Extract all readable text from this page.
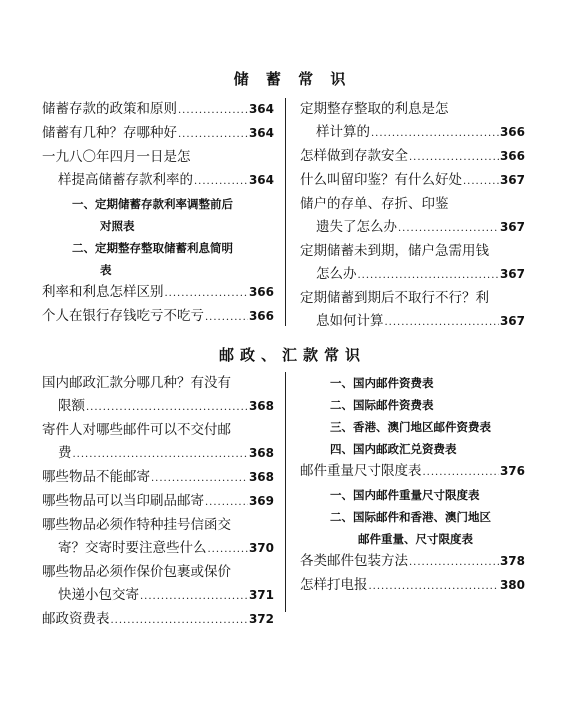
储 蓄 常 识
储蓄存款的政策和原则 .....	364
储蓄有几种？存哪种好 .....	364
一九八〇年四月一日是怎
样提高储蓄存款利率的 .....	364
一、定期储蓄存款利率调整前后
对照表
二、定期整存整取储蓄利息简明
表
利率和利息怎样区别 .....	366
个人在银行存钱吃亏不吃亏 .....	366
定期整存整取的利息是怎
样计算的 .....	366
怎样做到存款安全 .....	366
什么叫留印鉴？有什么好处 .....	367
储户的存单、存折、印鉴
遗失了怎么办 .....	367
定期储蓄未到期，储户急需用钱
怎么办 .....	367
定期储蓄到期后不取行不行？利
息如何计算 .....	367
邮政、汇款常识
国内邮政汇款分哪几种？有没有
限额 .....	368
寄件人对哪些邮件可以不交付邮
费 .....	368
哪些物品不能邮寄 .....	368
哪些物品可以当印刷品邮寄 .....	369
哪些物品必须作特种挂号信函交
寄？交寄时要注意些什么 .....	370
哪些物品必须作保价包裹或保价
快递小包交寄 .....	371
邮政资费表 .....	372
一、国内邮件资费表
二、国际邮件资费表
三、香港、澳门地区邮件资费表
四、国内邮政汇兑资费表
邮件重量尺寸限度表 .....	376
一、国内邮件重量尺寸限度表
二、国际邮件和香港、澳门地区
邮件重量、尺寸限度表
各类邮件包装方法 .....	378
怎样打电报 .....	380
